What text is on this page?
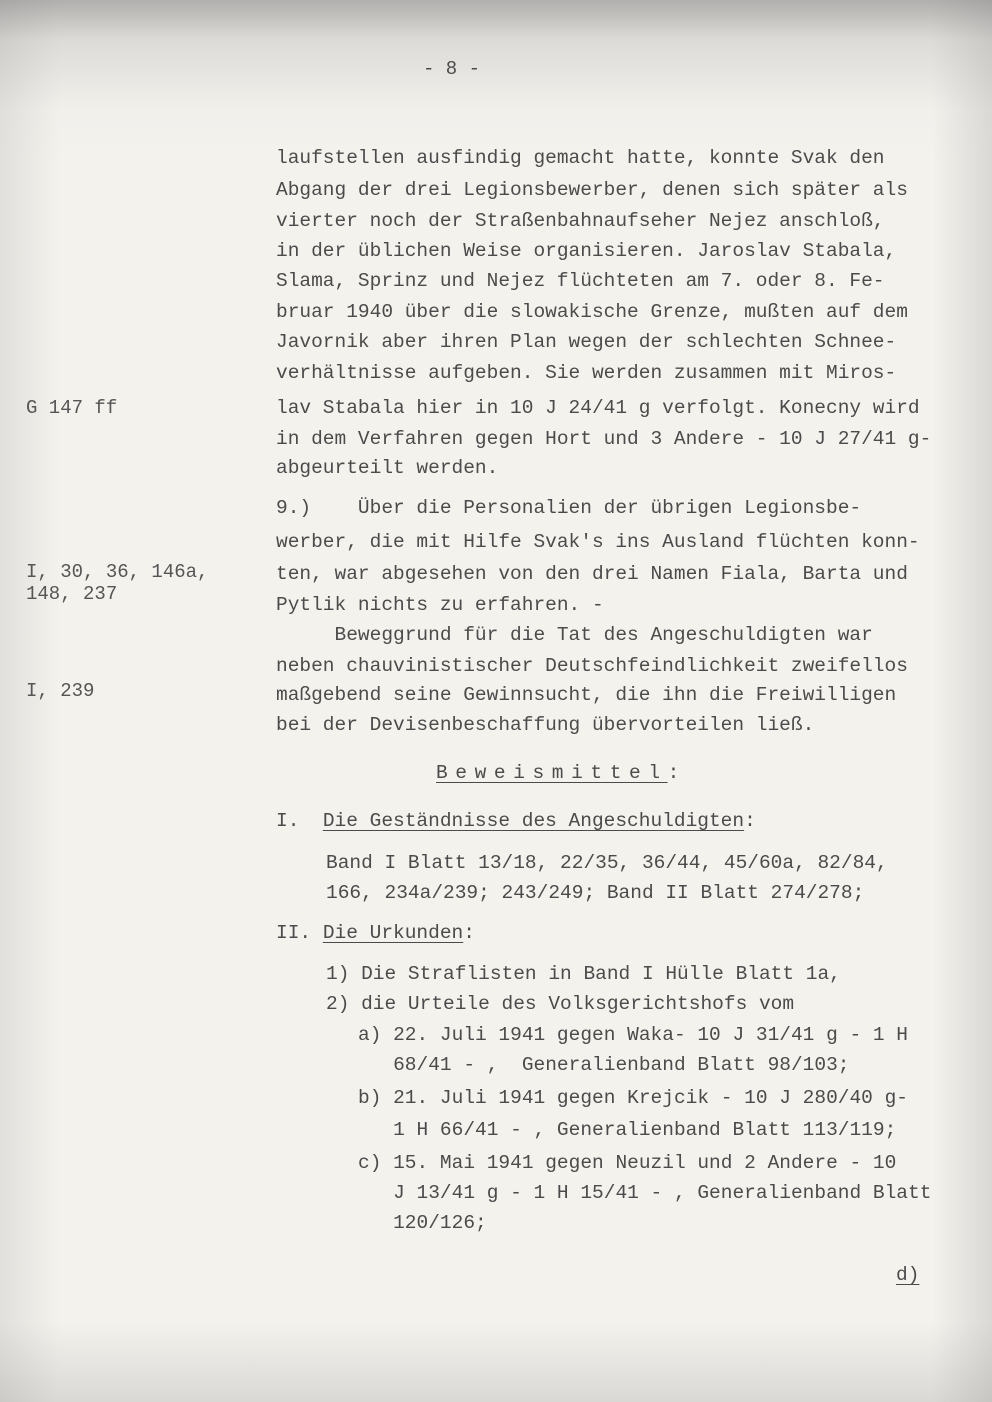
- 8 -
G 147 ff
I, 30, 36, 146a,
148, 237
I, 239
laufstellen ausfindig gemacht hatte, konnte Svak den
Abgang der drei Legionsbewerber, denen sich später als
vierter noch der Straßenbahnaufseher Nejez anschloß,
in der üblichen Weise organisieren. Jaroslav Stabala,
Slama, Sprinz und Nejez flüchteten am 7. oder 8. Fe-
bruar 1940 über die slowakische Grenze, mußten auf dem
Javornik aber ihren Plan wegen der schlechten Schnee-
verhältnisse aufgeben. Sie werden zusammen mit Miros-
lav Stabala hier in 10 J 24/41 g verfolgt. Konecny wird
in dem Verfahren gegen Hort und 3 Andere - 10 J 27/41 g-
abgeurteilt werden.
9.)    Über die Personalien der übrigen Legionsbe-
werber, die mit Hilfe Svak's ins Ausland flüchten konn-
ten, war abgesehen von den drei Namen Fiala, Barta und
Pytlik nichts zu erfahren. -
Beweggrund für die Tat des Angeschuldigten war
neben chauvinistischer Deutschfeindlichkeit zweifellos
maßgebend seine Gewinnsucht, die ihn die Freiwilligen
bei der Devisenbeschaffung übervorteilen ließ.
Beweismittel:
I. Die Geständnisse des Angeschuldigten:
Band I Blatt 13/18, 22/35, 36/44, 45/60a, 82/84,
166, 234a/239; 243/249; Band II Blatt 274/278;
II. Die Urkunden:
1) Die Straflisten in Band I Hülle Blatt 1a,
2) die Urteile des Volksgerichtshofs vom
a) 22. Juli 1941 gegen Waka- 10 J 31/41 g - 1 H
68/41 - ,  Generalienband Blatt 98/103;
b) 21. Juli 1941 gegen Krejcik - 10 J 280/40 g-
1 H 66/41 - , Generalienband Blatt 113/119;
c) 15. Mai 1941 gegen Neuzil und 2 Andere - 10
J 13/41 g - 1 H 15/41 - , Generalienband Blatt
120/126;
d)
